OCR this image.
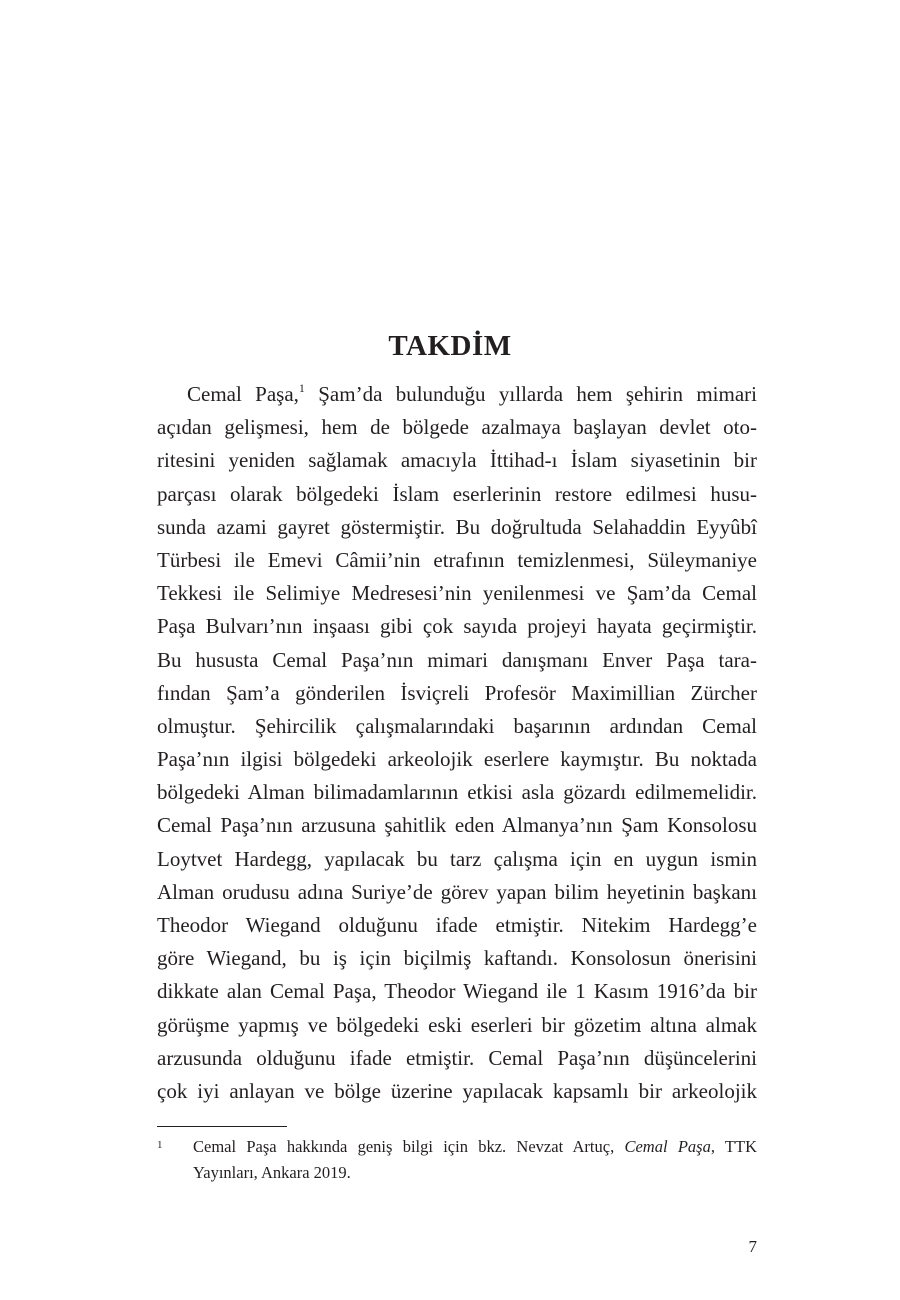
TAKDİM
Cemal Paşa,$^1$ Şam’da bulunduğu yıllarda hem şehirin mimari
açıdan gelişmesi, hem de bölgede azalmaya başlayan devlet oto-
ritesini yeniden sağlamak amacıyla İttihad-ı İslam siyasetinin bir
parçası olarak bölgedeki İslam eserlerinin restore edilmesi husu-
sunda azami gayret göstermiştir. Bu doğrultuda Selahaddin Eyyûbî
Türbesi ile Emevi Câmii’nin etrafının temizlenmesi, Süleymaniye
Tekkesi ile Selimiye Medresesi’nin yenilenmesi ve Şam’da Cemal
Paşa Bulvarı’nın inşaası gibi çok sayıda projeyi hayata geçirmiştir.
Bu hususta Cemal Paşa’nın mimari danışmanı Enver Paşa tara-
fından Şam’a gönderilen İsviçreli Profesör Maximillian Zürcher
olmuştur. Şehircilik çalışmalarındaki başarının ardından Cemal
Paşa’nın ilgisi bölgedeki arkeolojik eserlere kaymıştır. Bu noktada
bölgedeki Alman bilimadamlarının etkisi asla gözardı edilmemelidir.
Cemal Paşa’nın arzusuna şahitlik eden Almanya’nın Şam Konsolosu
Loytvet Hardegg, yapılacak bu tarz çalışma için en uygun ismin
Alman orudusu adına Suriye’de görev yapan bilim heyetinin başkanı
Theodor Wiegand olduğunu ifade etmiştir. Nitekim Hardegg’e
göre Wiegand, bu iş için biçilmiş kaftandı. Konsolosun önerisini
dikkate alan Cemal Paşa, Theodor Wiegand ile 1 Kasım 1916’da bir
görüşme yapmış ve bölgedeki eski eserleri bir gözetim altına almak
arzusunda olduğunu ifade etmiştir. Cemal Paşa’nın düşüncelerini
çok iyi anlayan ve bölge üzerine yapılacak kapsamlı bir arkeolojik
1	Cemal Paşa hakkında geniş bilgi için bkz. Nevzat Artuç, Cemal Paşa, TTK
Yayınları, Ankara 2019.
7
